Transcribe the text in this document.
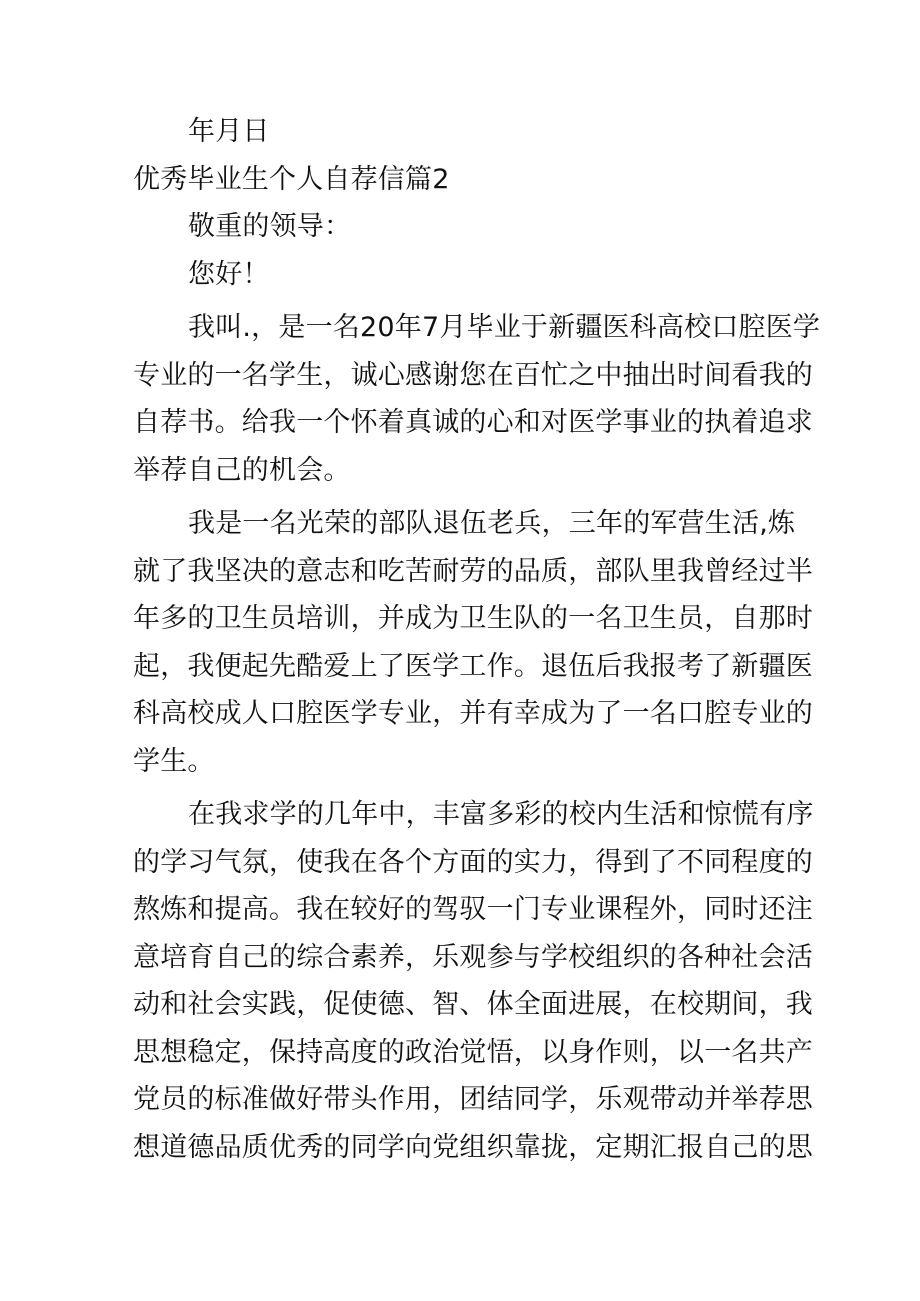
年月日
优秀毕业生个人自荐信篇2
敬重的领导：
您好！
我叫.，是一名20年7月毕业于新疆医科高校口腔医学
专业的一名学生，诚心感谢您在百忙之中抽出时间看我的
自荐书。给我一个怀着真诚的心和对医学事业的执着追求
举荐自己的机会。
我是一名光荣的部队退伍老兵，三年的军营生活,炼
就了我坚决的意志和吃苦耐劳的品质，部队里我曾经过半
年多的卫生员培训，并成为卫生队的一名卫生员，自那时
起，我便起先酷爱上了医学工作。退伍后我报考了新疆医
科高校成人口腔医学专业，并有幸成为了一名口腔专业的
学生。
在我求学的几年中，丰富多彩的校内生活和惊慌有序
的学习气氛，使我在各个方面的实力，得到了不同程度的
熬炼和提高。我在较好的驾驭一门专业课程外，同时还注
意培育自己的综合素养，乐观参与学校组织的各种社会活
动和社会实践，促使德、智、体全面进展，在校期间，我
思想稳定，保持高度的政治觉悟，以身作则，以一名共产
党员的标准做好带头作用，团结同学，乐观带动并举荐思
想道德品质优秀的同学向党组织靠拢，定期汇报自己的思
